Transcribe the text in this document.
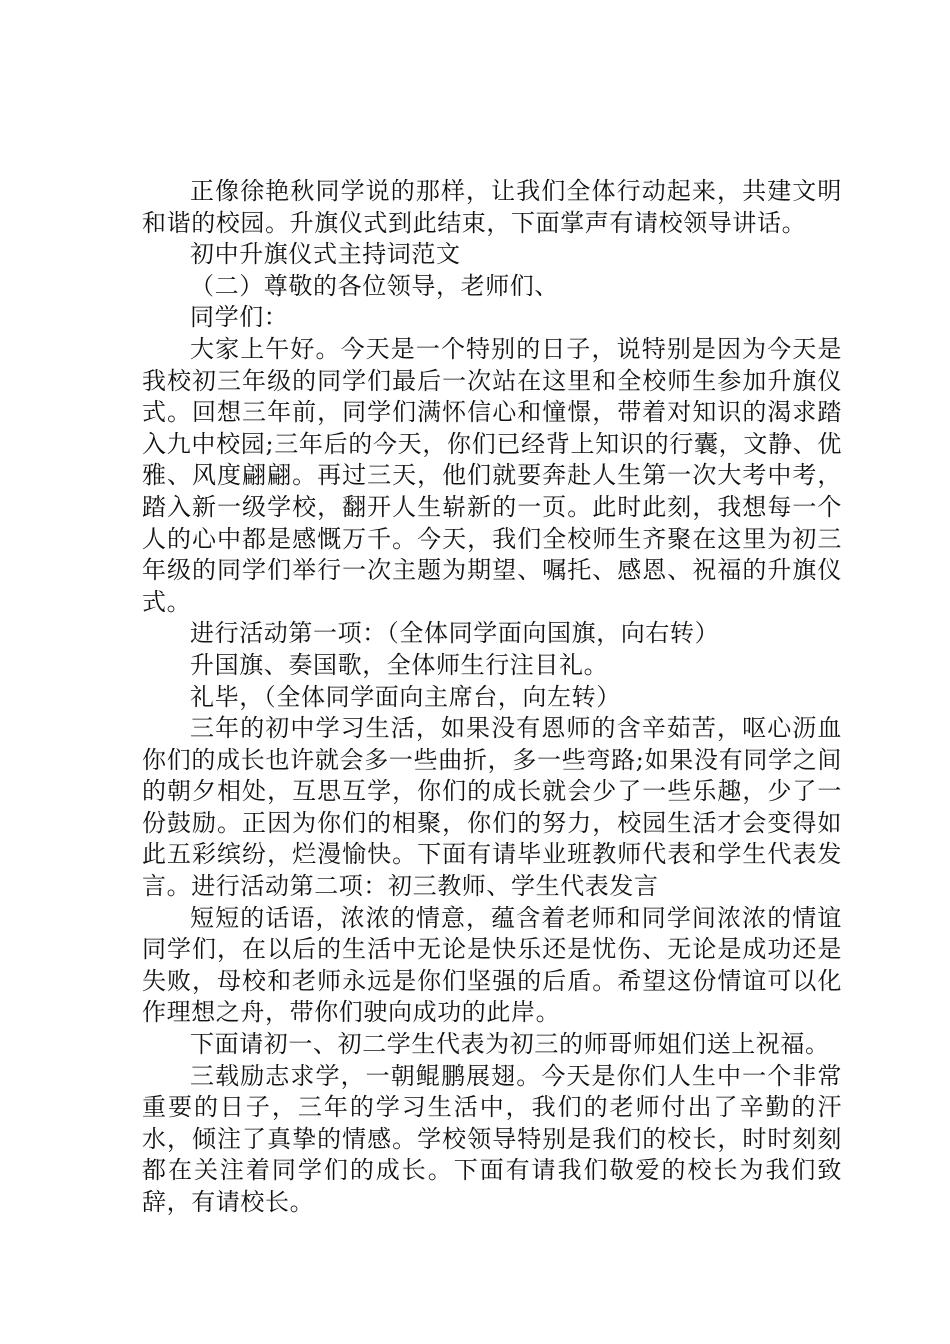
正像徐艳秋同学说的那样，让我们全体行动起来，共建文明和谐的校园。升旗仪式到此结束，下面掌声有请校领导讲话。

初中升旗仪式主持词范文

（二）尊敬的各位领导，老师们、

同学们：

大家上午好。今天是一个特别的日子，说特别是因为今天是我校初三年级的同学们最后一次站在这里和全校师生参加升旗仪式。回想三年前，同学们满怀信心和憧憬，带着对知识的渴求踏入九中校园;三年后的今天，你们已经背上知识的行囊，文静、优雅、风度翩翩。再过三天，他们就要奔赴人生第一次大考中考，踏入新一级学校，翻开人生崭新的一页。此时此刻，我想每一个人的心中都是感慨万千。今天，我们全校师生齐聚在这里为初三年级的同学们举行一次主题为期望、嘱托、感恩、祝福的升旗仪式。

进行活动第一项：（全体同学面向国旗，向右转）

升国旗、奏国歌，全体师生行注目礼。

礼毕，（全体同学面向主席台，向左转）

三年的初中学习生活，如果没有恩师的含辛茹苦，呕心沥血你们的成长也许就会多一些曲折，多一些弯路;如果没有同学之间的朝夕相处，互思互学，你们的成长就会少了一些乐趣，少了一份鼓励。正因为你们的相聚，你们的努力，校园生活才会变得如此五彩缤纷，烂漫愉快。下面有请毕业班教师代表和学生代表发言。进行活动第二项：初三教师、学生代表发言

短短的话语，浓浓的情意，蕴含着老师和同学间浓浓的情谊同学们，在以后的生活中无论是快乐还是忧伤、无论是成功还是失败，母校和老师永远是你们坚强的后盾。希望这份情谊可以化作理想之舟，带你们驶向成功的此岸。

下面请初一、初二学生代表为初三的师哥师姐们送上祝福。

三载励志求学，一朝鲲鹏展翅。今天是你们人生中一个非常重要的日子，三年的学习生活中，我们的老师付出了辛勤的汗水，倾注了真挚的情感。学校领导特别是我们的校长，时时刻刻都在关注着同学们的成长。下面有请我们敬爱的校长为我们致辞，有请校长。
